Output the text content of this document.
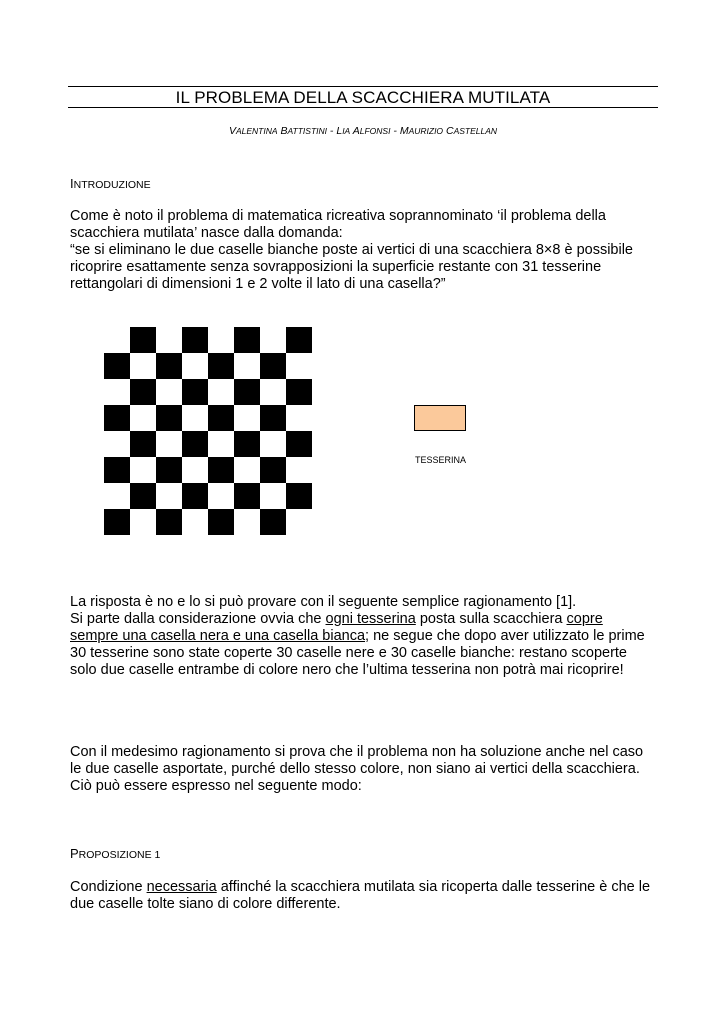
IL PROBLEMA DELLA SCACCHIERA MUTILATA
VALENTINA BATTISTINI - LIA ALFONSI - MAURIZIO CASTELLAN
INTRODUZIONE

Come è noto il problema di matematica ricreativa soprannominato ‘il problema della

scacchiera mutilata’ nasce dalla domanda:

“se si eliminano le due caselle bianche poste ai vertici di una scacchiera 8×8 è possibile

ricoprire esattamente senza sovrapposizioni la superficie restante con 31 tesserine

rettangolari di dimensioni 1 e 2 volte il lato di una casella?”

TESSERINA

La risposta è no e lo si può provare con il seguente semplice ragionamento [1].

Si parte dalla considerazione ovvia che ogni tesserina posta sulla scacchiera copre

sempre una casella nera e una casella bianca; ne segue che dopo aver utilizzato le prime

30 tesserine sono state coperte 30 caselle nere e 30 caselle bianche: restano scoperte

solo due caselle entrambe di colore nero che l’ultima tesserina non potrà mai ricoprire!

Con il medesimo ragionamento si prova che il problema non ha soluzione anche nel caso

le due caselle asportate, purché dello stesso colore, non siano ai vertici della scacchiera.

Ciò può essere espresso nel seguente modo:

PROPOSIZIONE 1

Condizione necessaria affinché la scacchiera mutilata sia ricoperta dalle tesserine è che le

due caselle tolte siano di colore differente.
